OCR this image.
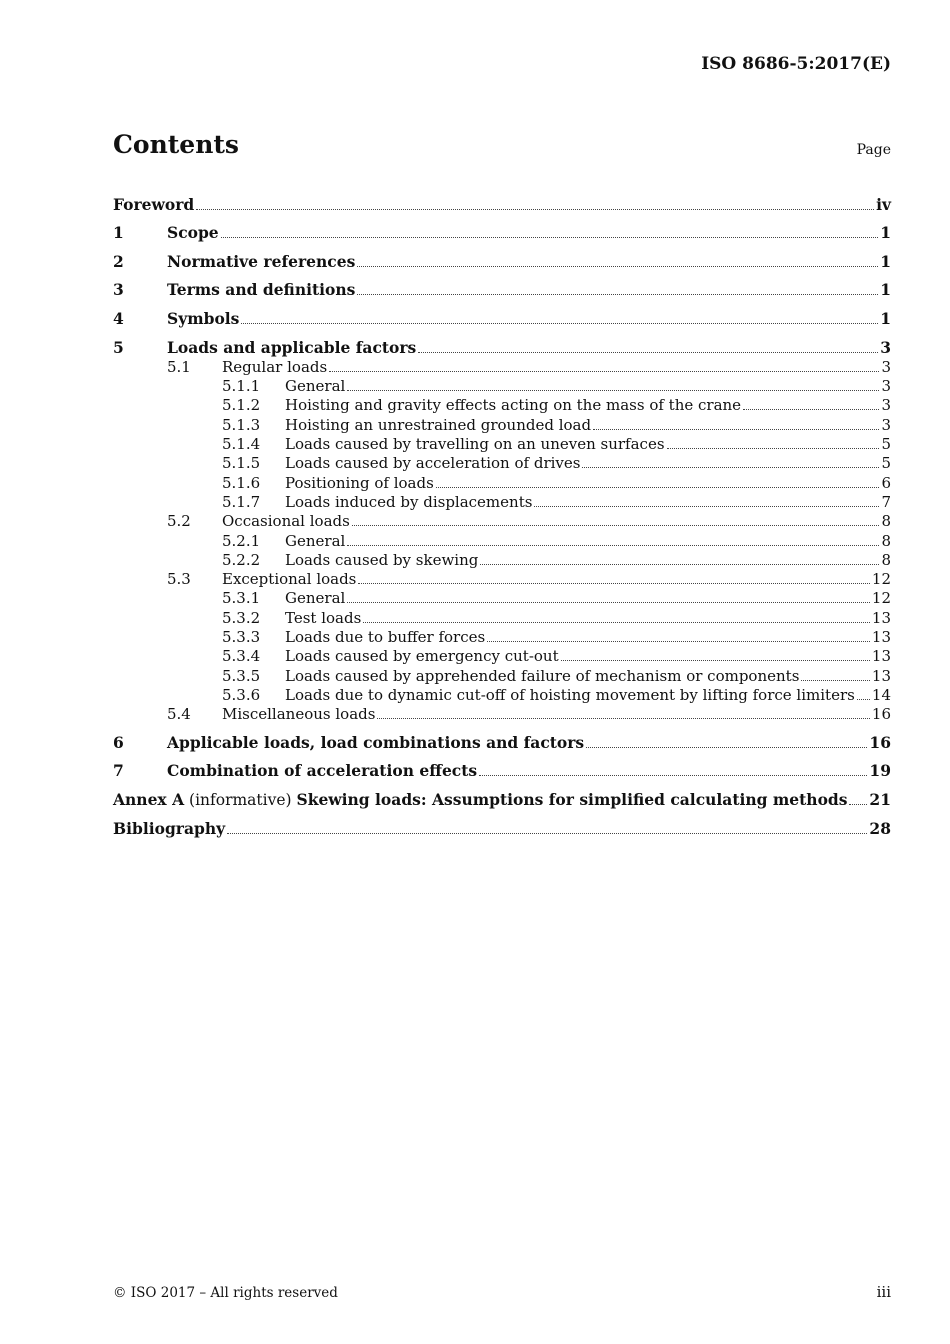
ISO 8686-5:2017(E)
Contents	Page
Foreword	iv
1	Scope	1
2	Normative references	1
3	Terms and definitions	1
4	Symbols	1
5	Loads and applicable factors	3
5.1	Regular loads	3
5.1.1	General	3
5.1.2	Hoisting and gravity effects acting on the mass of the crane	3
5.1.3	Hoisting an unrestrained grounded load	3
5.1.4	Loads caused by travelling on an uneven surfaces	5
5.1.5	Loads caused by acceleration of drives	5
5.1.6	Positioning of loads	6
5.1.7	Loads induced by displacements	7
5.2	Occasional loads	8
5.2.1	General	8
5.2.2	Loads caused by skewing	8
5.3	Exceptional loads	12
5.3.1	General	12
5.3.2	Test loads	13
5.3.3	Loads due to buffer forces	13
5.3.4	Loads caused by emergency cut-out	13
5.3.5	Loads caused by apprehended failure of mechanism or components	13
5.3.6	Loads due to dynamic cut-off of hoisting movement by lifting force limiters 14
5.4	Miscellaneous loads	16
6	Applicable loads, load combinations and factors	16
7	Combination of acceleration effects	19
Annex A (informative) Skewing loads: Assumptions for simplified calculating methods 21
Bibliography	28
© ISO 2017 – All rights reserved	iii
